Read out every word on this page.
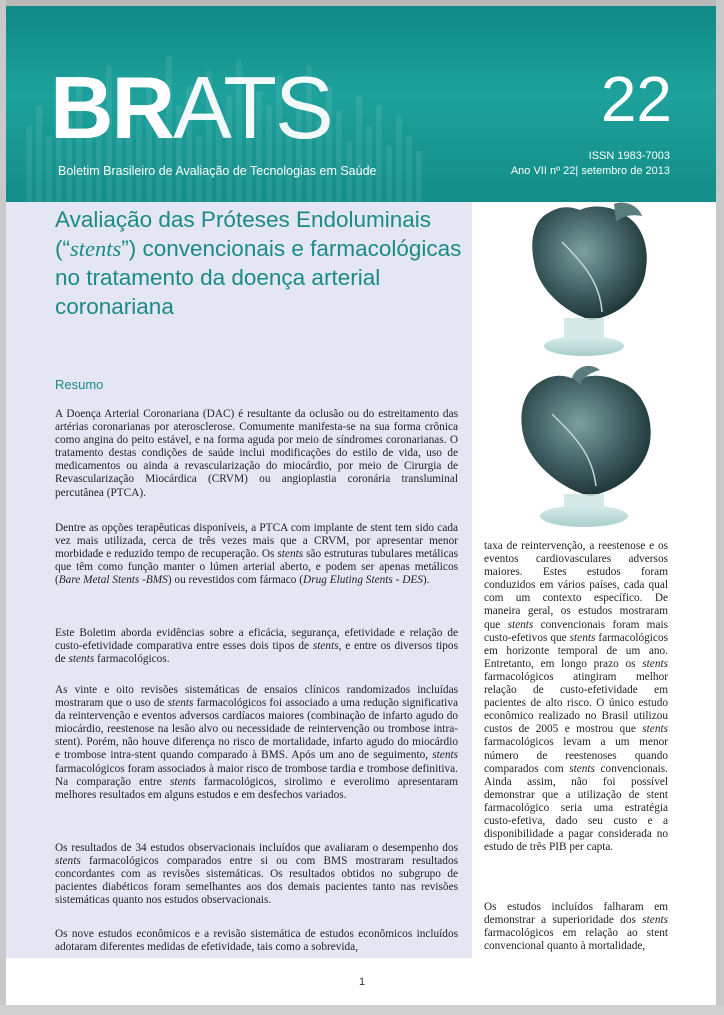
BRATS
Boletim Brasileiro de Avaliação de Tecnologias em Saúde
22
ISSN 1983-7003
Ano VII nº 22| setembro de 2013
Avaliação das Próteses Endoluminais (“stents”) convencionais e farmacológicas no tratamento da doença arterial coronariana
Resumo

A Doença Arterial Coronariana (DAC) é resultante da oclusão ou do estreitamento das artérias coronarianas por aterosclerose. Comumente manifesta-se na sua forma crônica como angina do peito estável, e na forma aguda por meio de síndromes coronarianas. O tratamento destas condições de saúde inclui modificações do estilo de vida, uso de medicamentos ou ainda a revascularização do miocárdio, por meio de Cirurgia de Revascularização Miocárdica (CRVM) ou angioplastia coronária transluminal percutânea (PTCA).

Dentre as opções terapêuticas disponíveis, a PTCA com implante de stent tem sido cada vez mais utilizada, cerca de três vezes mais que a CRVM, por apresentar menor morbidade e reduzido tempo de recuperação. Os stents são estruturas tubulares metálicas que têm como função manter o lúmen arterial aberto, e podem ser apenas metálicos (Bare Metal Stents -BMS) ou revestidos com fármaco (Drug Eluting Stents - DES).

Este Boletim aborda evidências sobre a eficácia, segurança, efetividade e relação de custo-efetividade comparativa entre esses dois tipos de stents, e entre os diversos tipos de stents farmacológicos.

As vinte e oito revisões sistemáticas de ensaios clínicos randomizados incluídas mostraram que o uso de stents farmacológicos foi associado a uma redução significativa da reintervenção e eventos adversos cardíacos maiores (combinação de infarto agudo do miocárdio, reestenose na lesão alvo ou necessidade de reintervenção ou trombose intra-stent). Porém, não houve diferença no risco de mortalidade, infarto agudo do miocárdio e trombose intra-stent quando comparado à BMS. Após um ano de seguimento, stents farmacológicos foram associados à maior risco de trombose tardia e trombose definitiva. Na comparação entre stents farmacológicos, sirolimo e everolimo apresentaram melhores resultados em alguns estudos e em desfechos variados.

Os resultados de 34 estudos observacionais incluídos que avaliaram o desempenho dos stents farmacológicos comparados entre si ou com BMS mostraram resultados concordantes com as revisões sistemáticas. Os resultados obtidos no subgrupo de pacientes diabéticos foram semelhantes aos dos demais pacientes tanto nas revisões sistemáticas quanto nos estudos observacionais.

Os nove estudos econômicos e a revisão sistemática de estudos econômicos incluídos adotaram diferentes medidas de efetividade, tais como a sobrevida,

taxa de reintervenção, a reestenose e os eventos cardiovasculares adversos maiores. Estes estudos foram conduzidos em vários países, cada qual com um contexto específico. De maneira geral, os estudos mostraram que stents convencionais foram mais custo-efetivos que stents farmacológicos em horizonte temporal de um ano. Entretanto, em longo prazo os stents farmacológicos atingiram melhor relação de custo-efetividade em pacientes de alto risco. O único estudo econômico realizado no Brasil utilizou custos de 2005 e mostrou que stents farmacológicos levam a um menor número de reestenoses quando comparados com stents convencionais. Ainda assim, não foi possível demonstrar que a utilização de stent farmacológico seria uma estratégia custo-efetiva, dado seu custo e a disponibilidade a pagar considerada no estudo de três PIB per capta.

Os estudos incluídos falharam em demonstrar a superioridade dos stents farmacológicos em relação ao stent convencional quanto à mortalidade,

1
